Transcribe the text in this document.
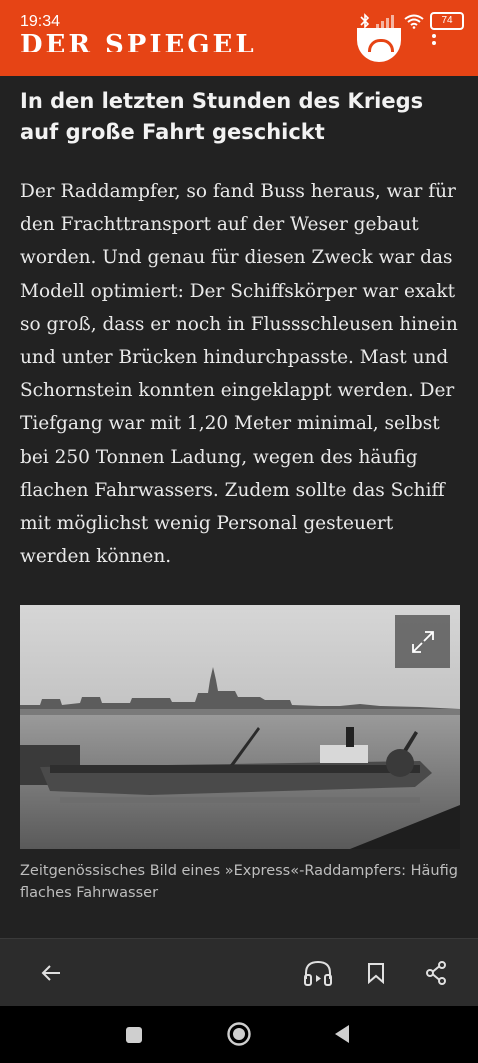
19:34	74
DER SPIEGEL
In den letzten Stunden des Kriegs auf große Fahrt geschickt

Der Raddampfer, so fand Buss heraus, war für den Frachttransport auf der Weser gebaut worden. Und genau für diesen Zweck war das Modell optimiert: Der Schiffskörper war exakt so groß, dass er noch in Flussschleusen hinein und unter Brücken hindurchpasste. Mast und Schornstein konnten eingeklappt werden. Der Tiefgang war mit 1,20 Meter minimal, selbst bei 250 Tonnen Ladung, wegen des häufig flachen Fahrwassers. Zudem sollte das Schiff mit möglichst wenig Personal gesteuert werden können.

Zeitgenössisches Bild eines »Express«-Raddampfers: Häufig flaches Fahrwasser
